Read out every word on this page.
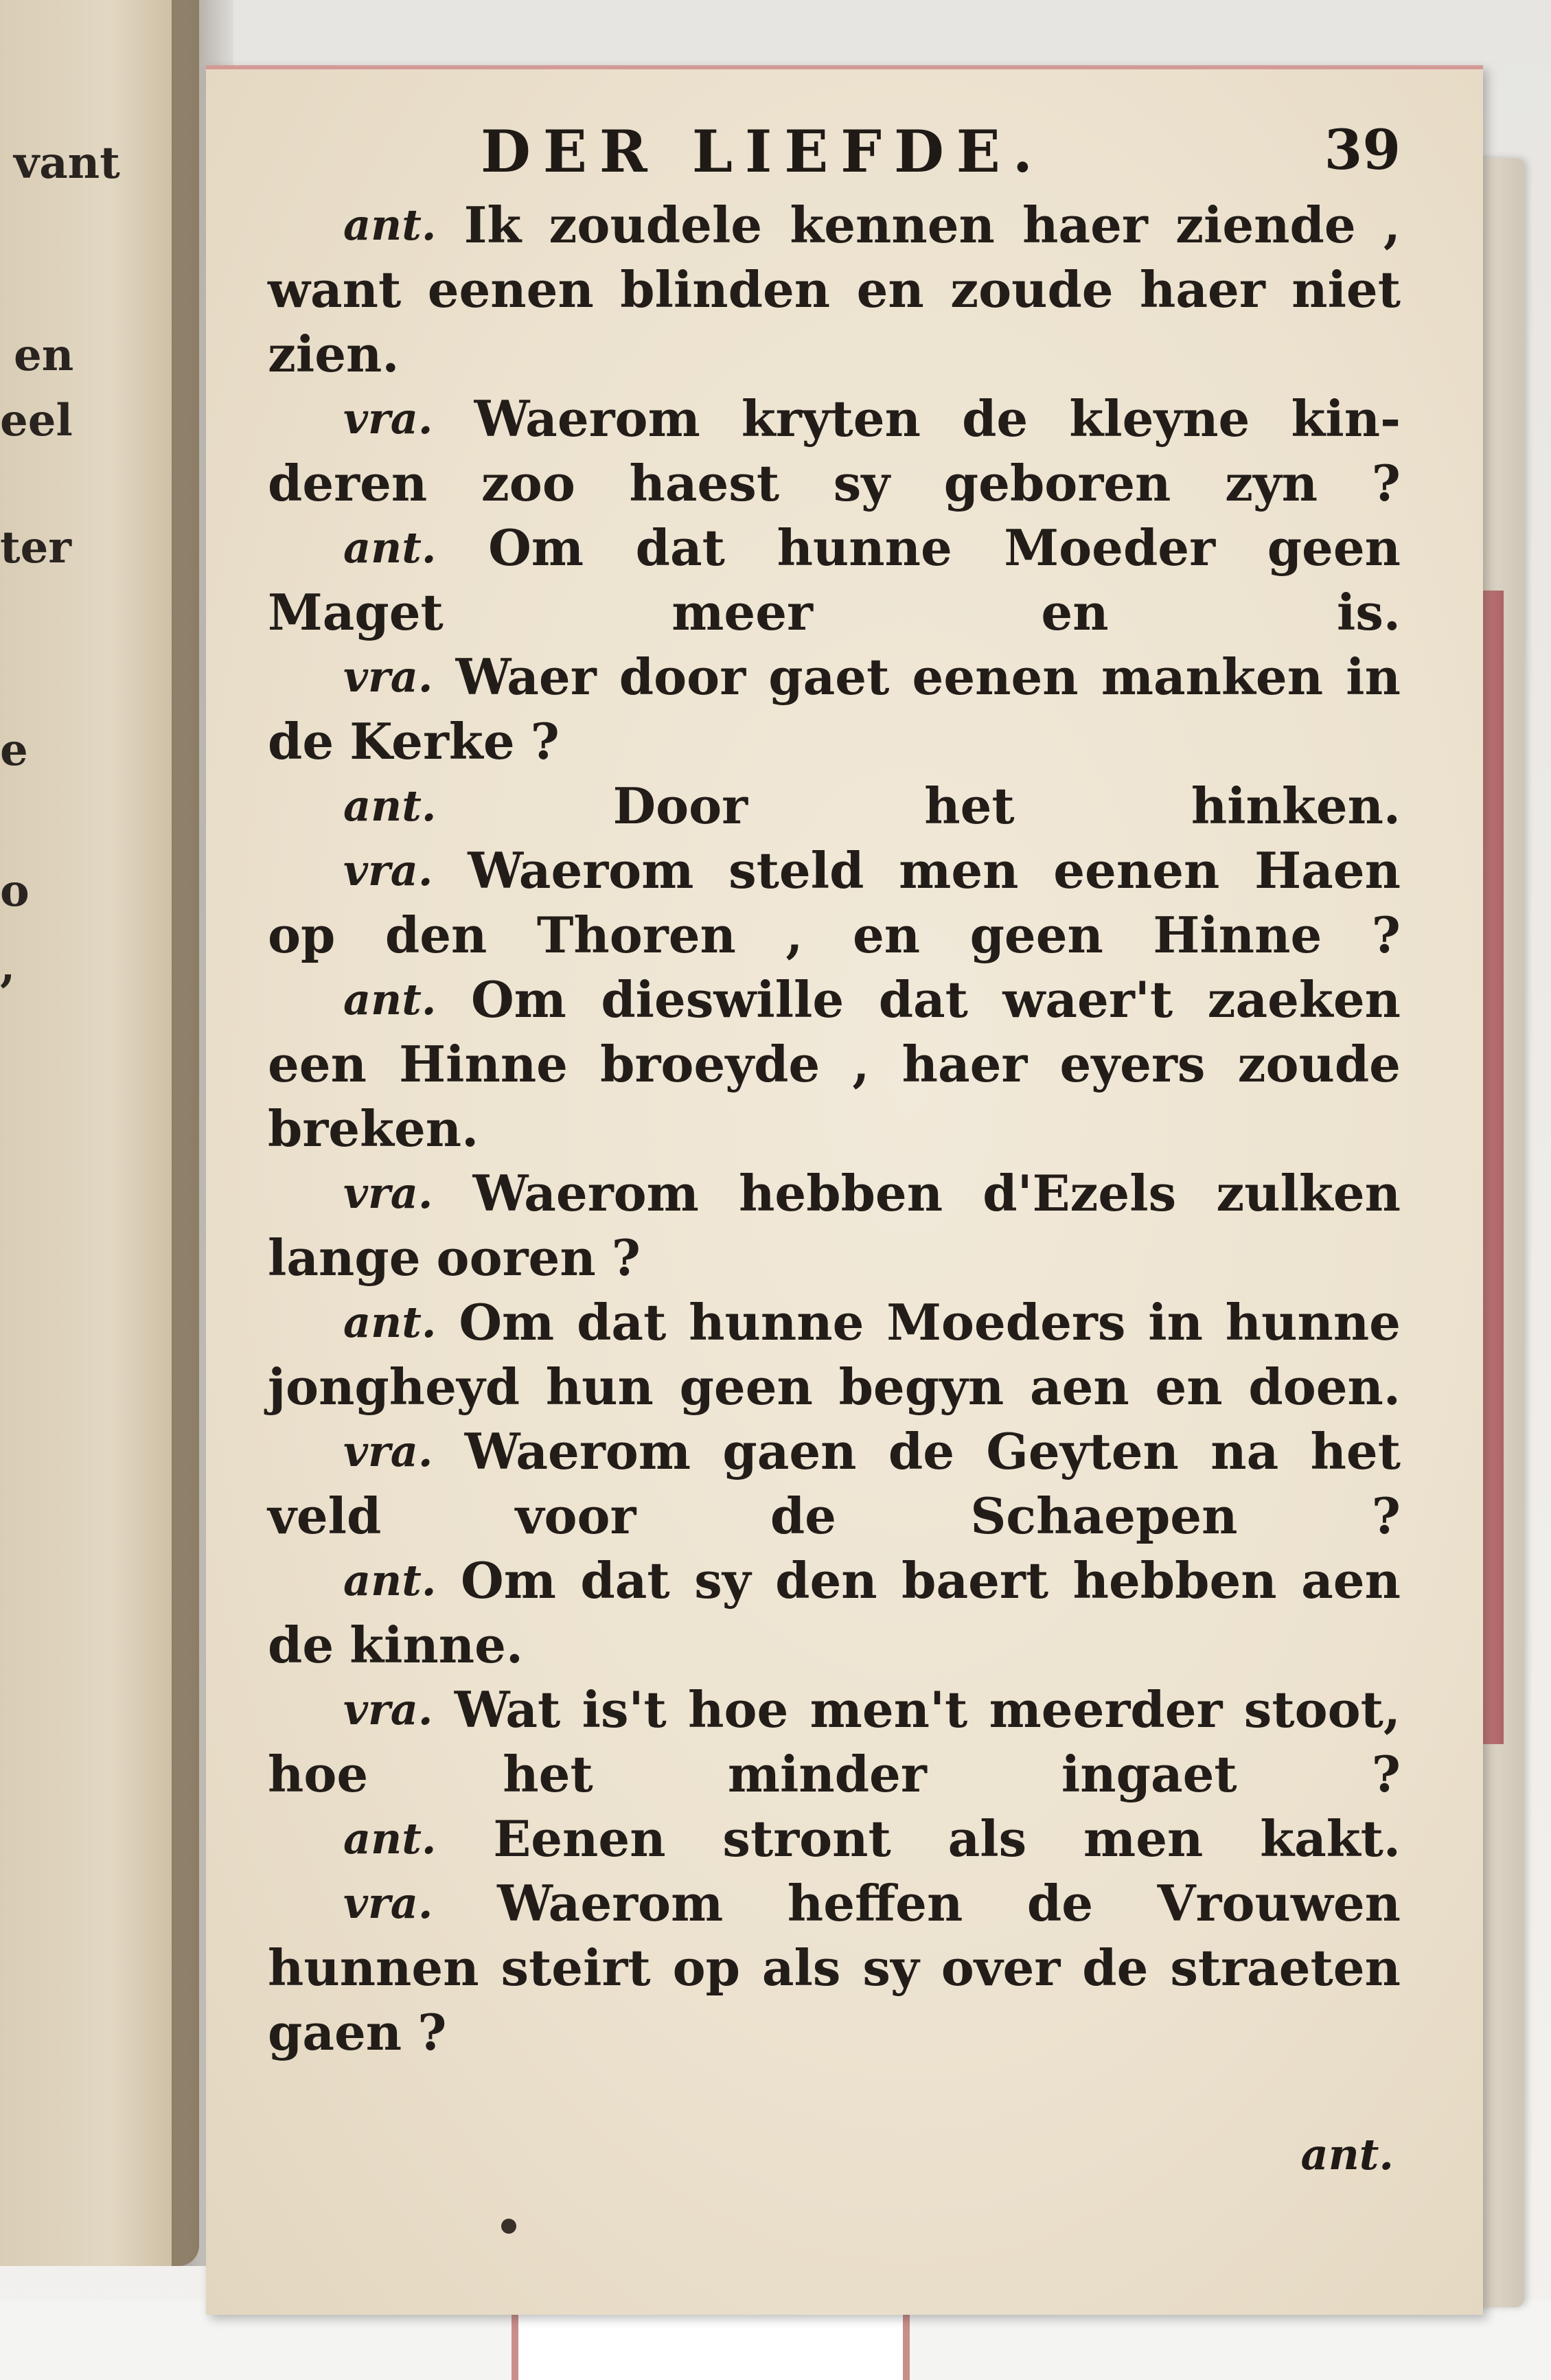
vant
en
eel
ter
e
o
,
DER LIEFDE.	39
ant. Ik zoudele kennen haer ziende ,
want eenen blinden en zoude haer niet
zien.
vra. Waerom kryten de kleyne kin-
deren zoo haest sy geboren zyn ?
ant. Om dat hunne Moeder geen
Maget	meer	en	is.
vra. Waer door gaet eenen manken in
de Kerke ?
ant.	Door	het	hinken.
vra. Waerom steld men eenen Haen
op den Thoren , en geen Hinne ?
ant. Om dieswille dat waer't zaeken
een Hinne broeyde , haer eyers zoude
breken.
vra. Waerom hebben d'Ezels zulken
lange ooren ?
ant. Om dat hunne Moeders in hunne
jongheyd hun geen begyn aen en doen.
vra. Waerom gaen de Geyten na het
veld	voor	de	Schaepen	?
ant. Om dat sy den baert hebben aen
de kinne.
vra. Wat is't hoe men't meerder stoot,
hoe	het	minder	ingaet	?
ant. Eenen stront als men kakt.
vra. Waerom heffen de Vrouwen
hunnen steirt op als sy over de straeten
gaen ?
ant.
